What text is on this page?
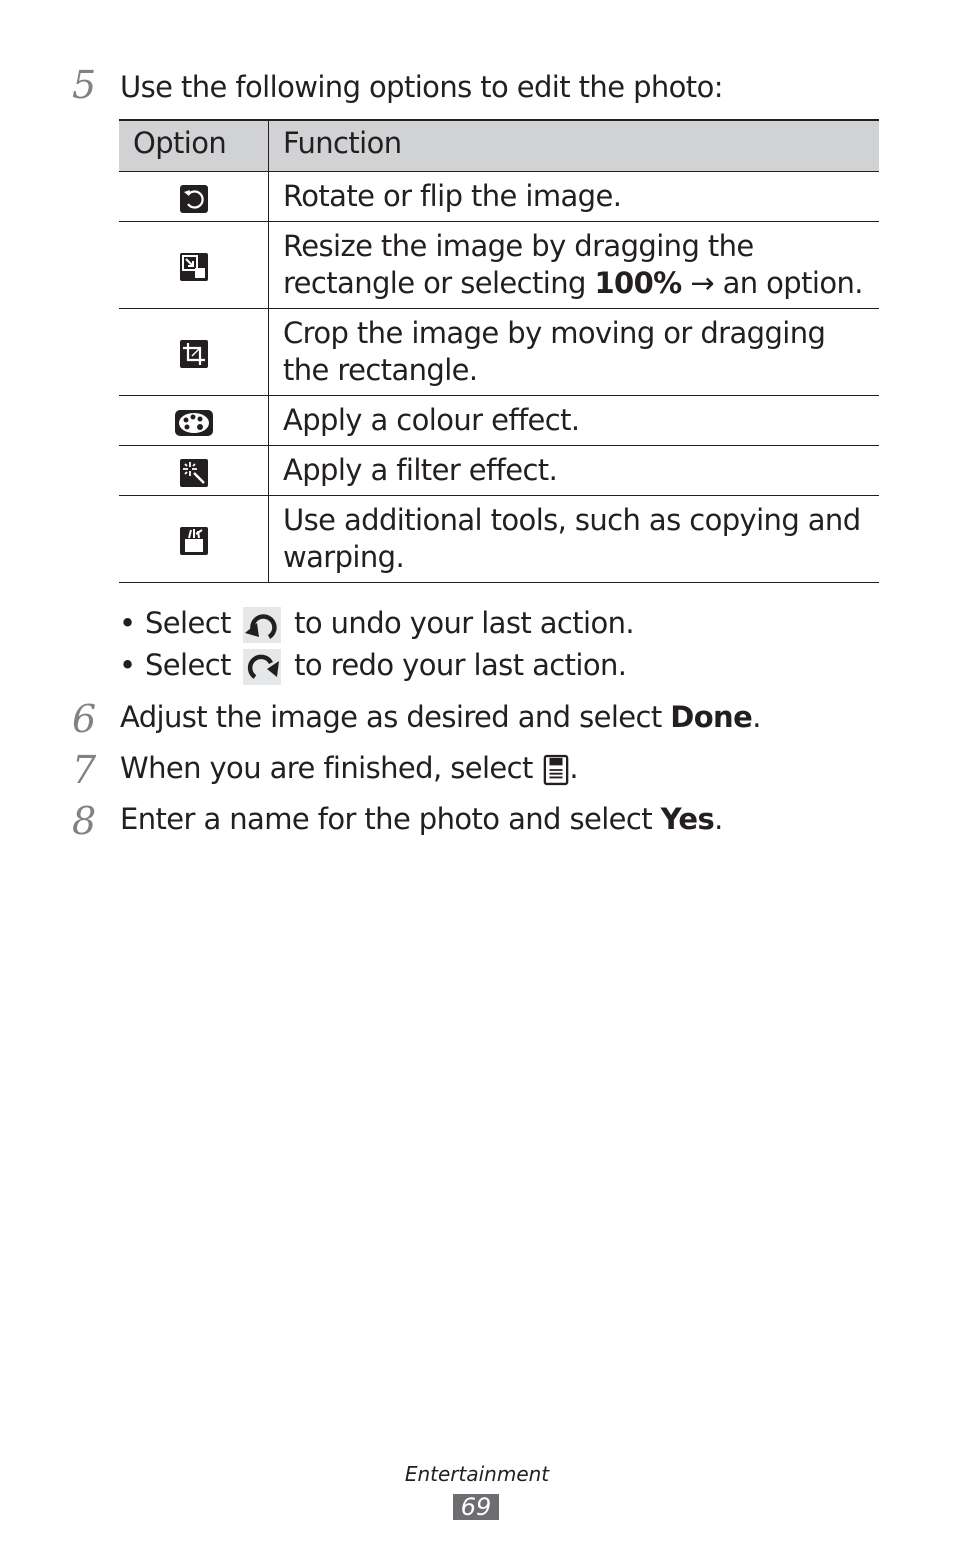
5 Use the following options to edit the photo:
Option	Function
	Rotate or flip the image.
	Resize the image by dragging the rectangle or selecting 100% → an option.
	Crop the image by moving or dragging the rectangle.
	Apply a colour effect.
	Apply a filter effect.
	Use additional tools, such as copying and warping.
• Select  to undo your last action.
• Select  to redo your last action.
6 Adjust the image as desired and select Done.
7 When you are finished, select .
8 Enter a name for the photo and select Yes.
Entertainment
69
